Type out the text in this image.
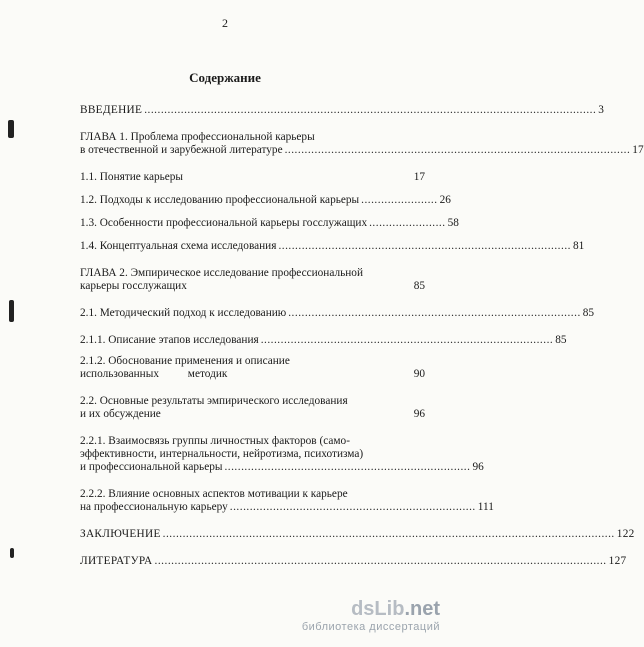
2
Содержание
ВВЕДЕНИЕ ........................................................................................................................................ 3
ГЛАВА 1. Проблема профессиональной карьеры
в отечественной и зарубежной литературе ........................................................................................................ 17
1.1. Понятие карьеры	17
1.2. Подходы к исследованию профессиональной карьеры ....................... 26
1.3. Особенности профессиональной карьеры госслужащих ....................... 58
1.4. Концептуальная схема исследования ........................................................................................ 81
ГЛАВА 2. Эмпирическое исследование профессиональной
карьеры госслужащих	85
2.1. Методический подход к исследованию ........................................................................................ 85
2.1.1. Описание этапов исследования ........................................................................................ 85
2.1.2. Обоснование применения и описание
использованных методик	90
2.2. Основные результаты эмпирического исследования
и их обсуждение	96
2.2.1. Взаимосвязь группы личностных факторов (само-
эффективности, интернальности, нейротизма, психотизма)
и профессиональной карьеры .......................................................................... 96
2.2.2. Влияние основных аспектов мотивации к карьере
на профессиональную карьеру .......................................................................... 111
ЗАКЛЮЧЕНИЕ ........................................................................................................................................ 122
ЛИТЕРАТУРА ........................................................................................................................................ 127
dsLib.net
библиотека диссертаций
